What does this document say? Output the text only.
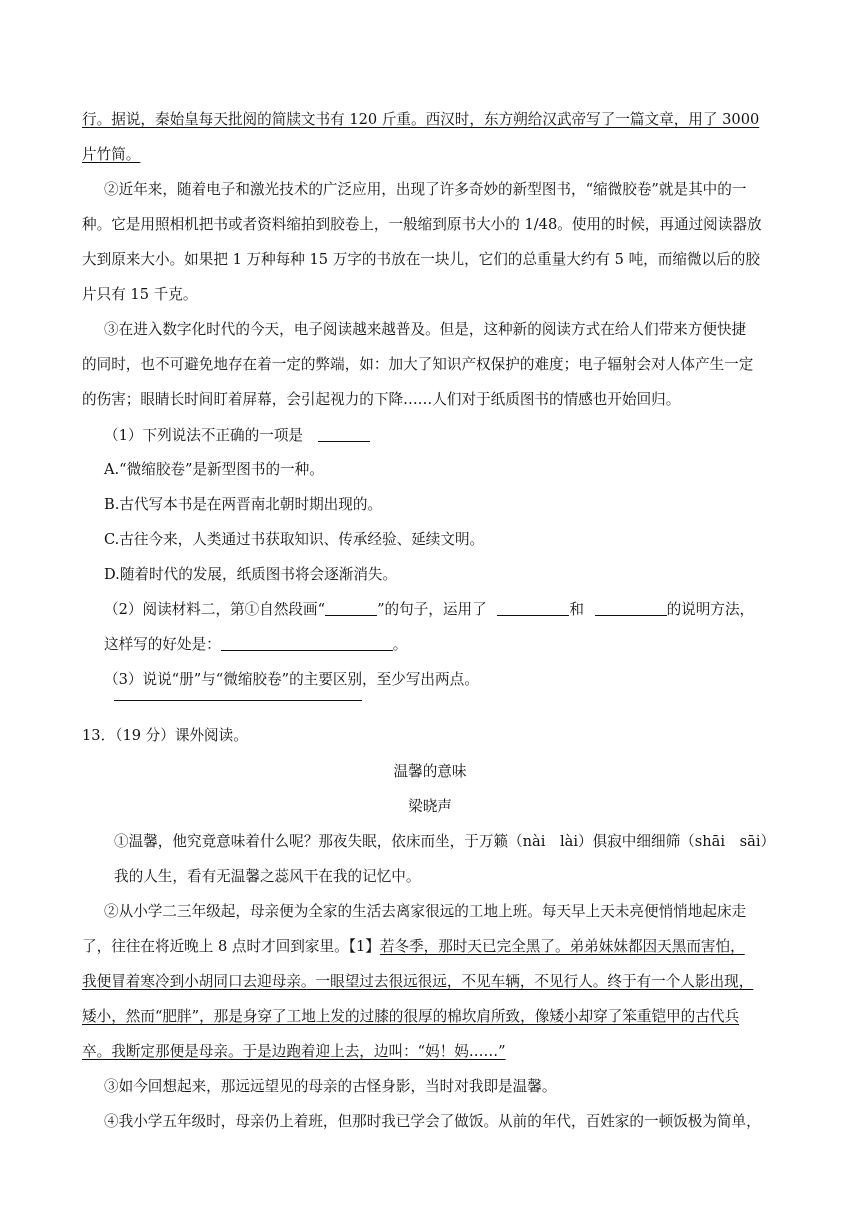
行。据说，秦始皇每天批阅的简牍文书有 120 斤重。西汉时，东方朔给汉武帝写了一篇文章，用了 3000
片竹简。
②近年来，随着电子和激光技术的广泛应用，出现了许多奇妙的新型图书，“缩微胶卷”就是其中的一
种。它是用照相机把书或者资料缩拍到胶卷上，一般缩到原书大小的 1/48。使用的时候，再通过阅读器放
大到原来大小。如果把 1 万种每种 15 万字的书放在一块儿，它们的总重量大约有 5 吨，而缩微以后的胶
片只有 15 千克。
③在进入数字化时代的今天，电子阅读越来越普及。但是，这种新的阅读方式在给人们带来方便快捷
的同时，也不可避免地存在着一定的弊端，如：加大了知识产权保护的难度；电子辐射会对人体产生一定
的伤害；眼睛长时间盯着屏幕，会引起视力的下降……人们对于纸质图书的情感也开始回归。
（1）下列说法不正确的一项是
A.“微缩胶卷”是新型图书的一种。
B.古代写本书是在两晋南北朝时期出现的。
C.古往今来，人类通过书获取知识、传承经验、延续文明。
D.随着时代的发展，纸质图书将会逐渐消失。
（2）阅读材料二，第①自然段画“	”的句子，运用了	和	的说明方法，
这样写的好处是：	。
（3）说说“册”与“微缩胶卷”的主要区别，至少写出两点。
13．（19 分）课外阅读。
温馨的意味
梁晓声
①温馨，他究竟意味着什么呢？那夜失眠，依床而坐，于万籁（nài　lài）俱寂中细细筛（shāi　sāi）
我的人生，看有无温馨之蕊风干在我的记忆中。
②从小学二三年级起，母亲便为全家的生活去离家很远的工地上班。每天早上天未亮便悄悄地起床走
了，往往在将近晚上 8 点时才回到家里。【1】若冬季，那时天已完全黑了。弟弟妹妹都因天黑而害怕，
我便冒着寒冷到小胡同口去迎母亲。一眼望过去很远很远，不见车辆，不见行人。终于有一个人影出现，
矮小，然而“肥胖”，那是身穿了工地上发的过膝的很厚的棉坎肩所致，像矮小却穿了笨重铠甲的古代兵
卒。我断定那便是母亲。于是边跑着迎上去，边叫：“妈！妈……”
③如今回想起来，那远远望见的母亲的古怪身影，当时对我即是温馨。
④我小学五年级时，母亲仍上着班，但那时我已学会了做饭。从前的年代，百姓家的一顿饭极为简单，
